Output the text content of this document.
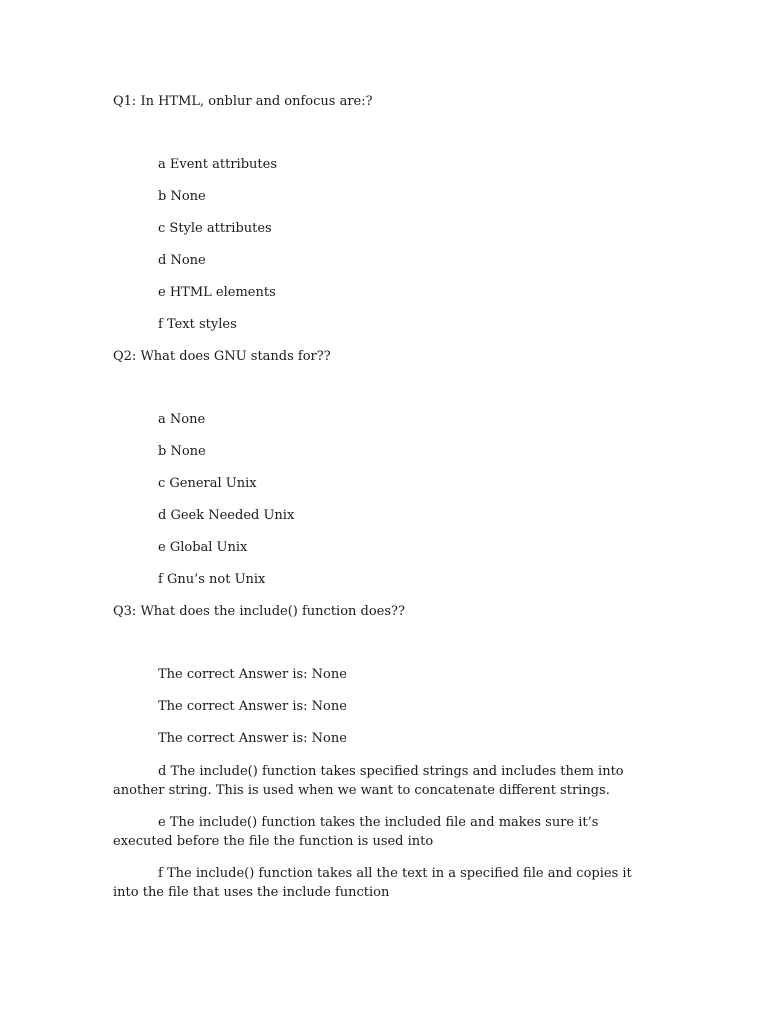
Q1: In HTML, onblur and onfocus are:?

a Event attributes
b None
c Style attributes
d None
e HTML elements
f Text styles

Q2: What does GNU stands for??

a None
b None
c General Unix
d Geek Needed Unix
e Global Unix
f Gnu’s not Unix

Q3: What does the include() function does??

The correct Answer is: None
The correct Answer is: None
The correct Answer is: None
d The include() function takes specified strings and includes them into another string. This is used when we want to concatenate different strings.
e The include() function takes the included file and makes sure it’s executed before the file the function is used into
f The include() function takes all the text in a specified file and copies it into the file that uses the include function
